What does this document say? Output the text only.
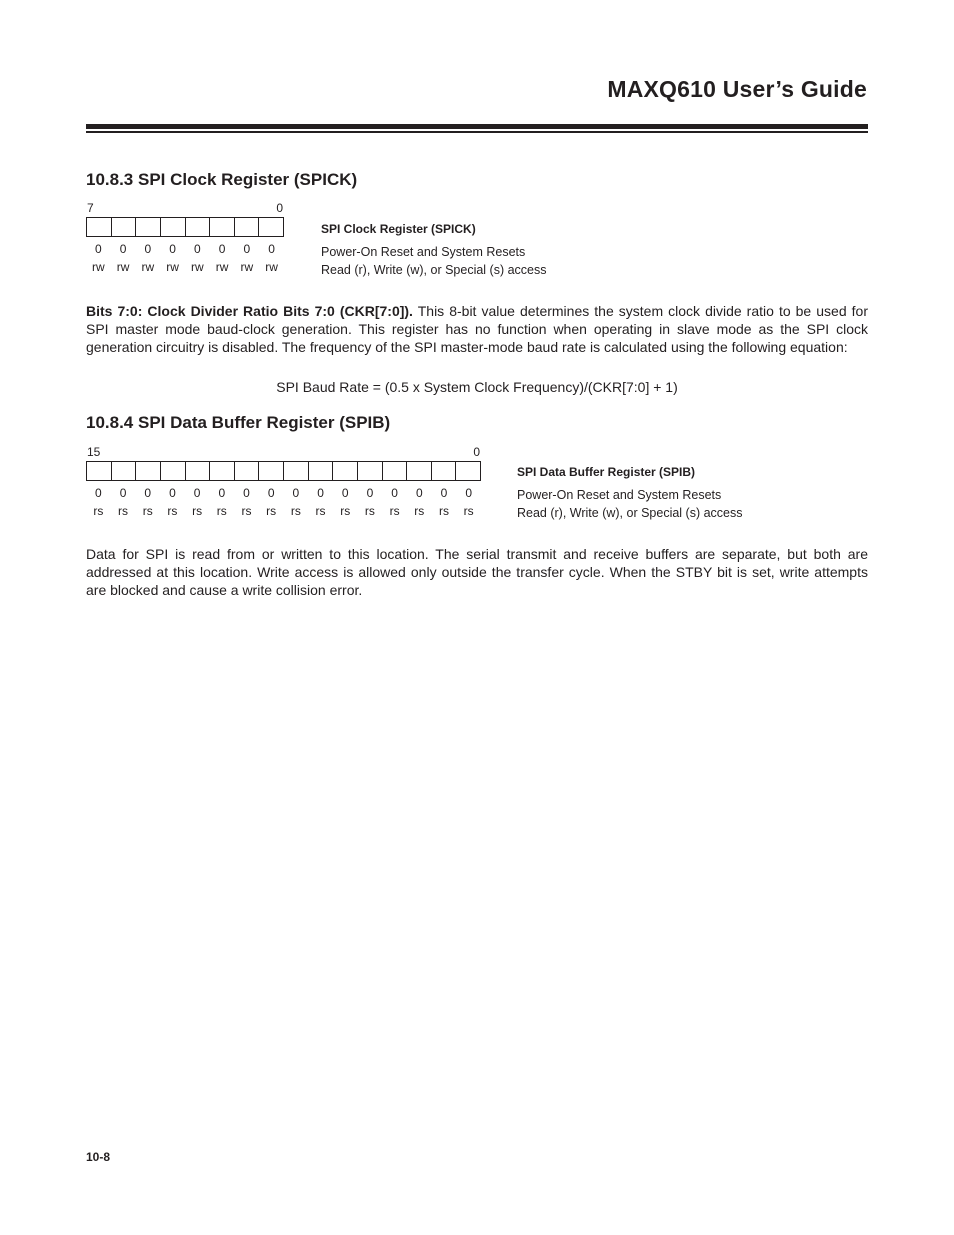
MAXQ610 User’s Guide
10.8.3 SPI Clock Register (SPICK)
7	0
0	0	0	0	0	0	0	0
rw	rw	rw	rw	rw	rw	rw	rw
SPI Clock Register (SPICK)
Power-On Reset and System Resets
Read (r), Write (w), or Special (s) access

Bits 7:0: Clock Divider Ratio Bits 7:0 (CKR[7:0]). This 8-bit value determines the system clock divide ratio to be used for SPI master mode baud-clock generation. This register has no function when operating in slave mode as the SPI clock generation circuitry is disabled. The frequency of the SPI master-mode baud rate is calculated using the following equation:

SPI Baud Rate = (0.5 x System Clock Frequency)/(CKR[7:0] + 1)
10.8.4 SPI Data Buffer Register (SPIB)
15	0
0	0	0	0	0	0	0	0	0	0	0	0	0	0	0	0
rs	rs	rs	rs	rs	rs	rs	rs	rs	rs	rs	rs	rs	rs	rs	rs
SPI Data Buffer Register (SPIB)
Power-On Reset and System Resets
Read (r), Write (w), or Special (s) access

Data for SPI is read from or written to this location. The serial transmit and receive buffers are separate, but both are addressed at this location. Write access is allowed only outside the transfer cycle. When the STBY bit is set, write attempts are blocked and cause a write collision error.

10-8
